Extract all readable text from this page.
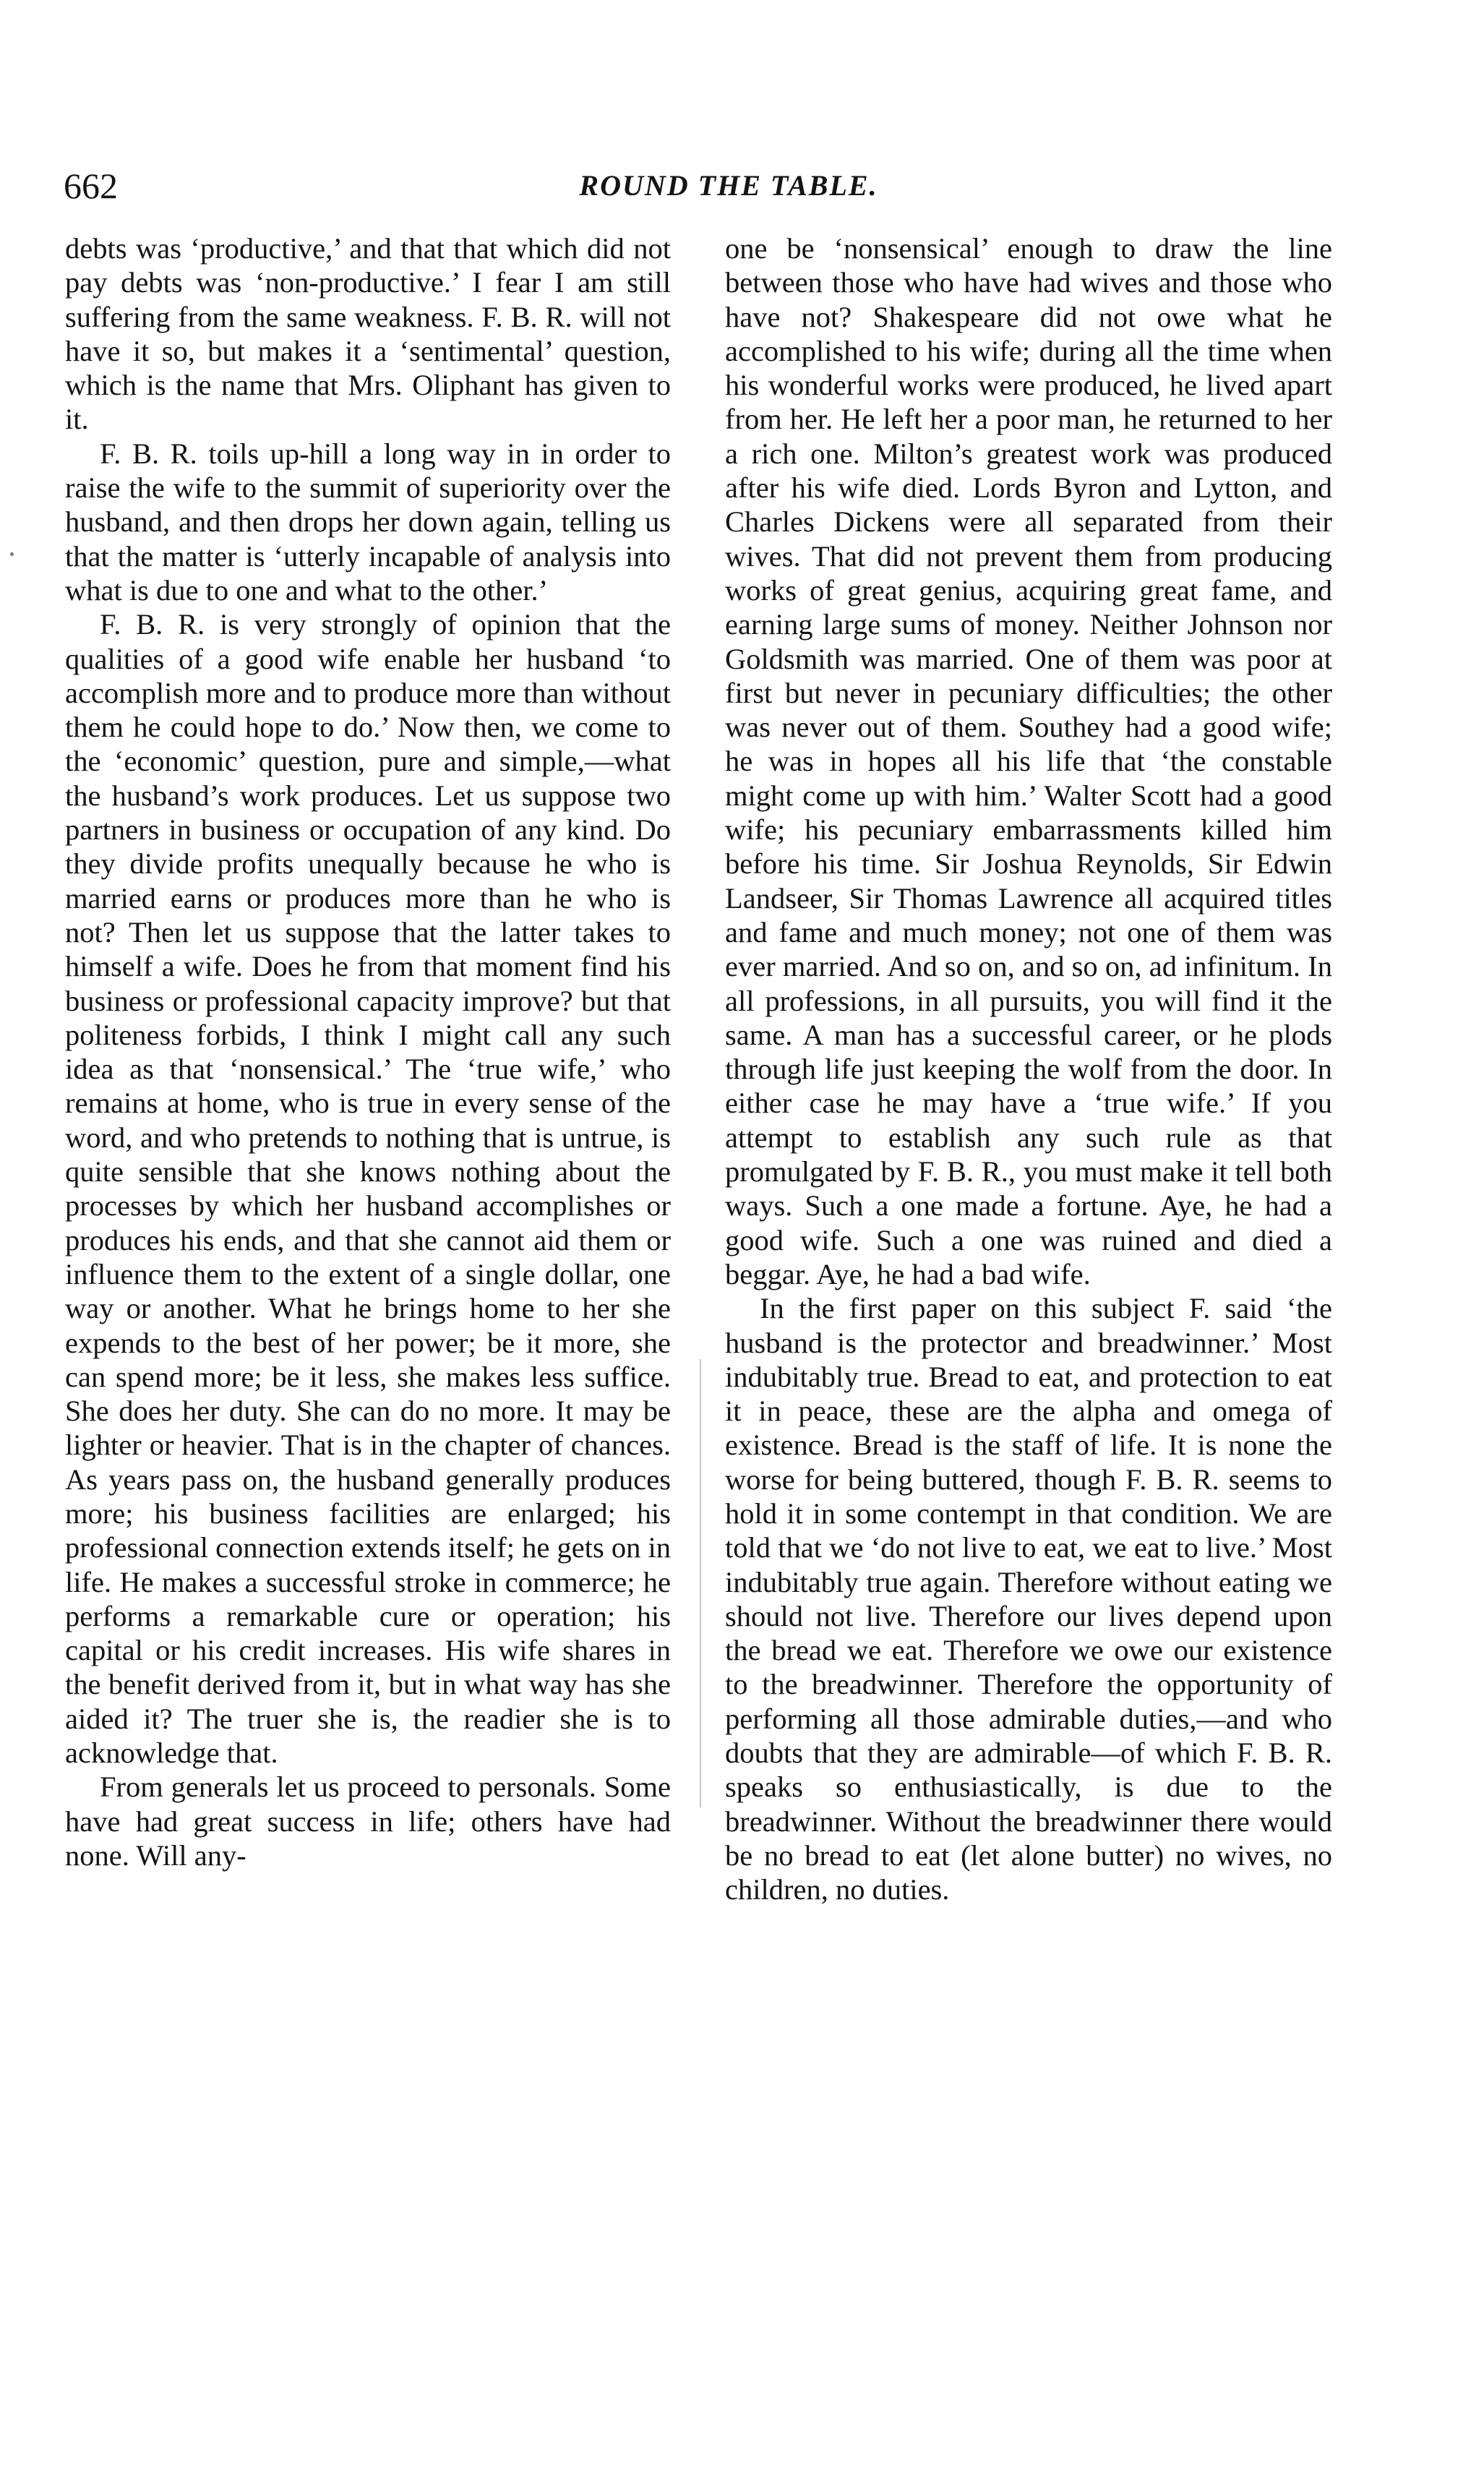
662	ROUND THE TABLE.

debts was ‘productive,’ and that that which did not pay debts was ‘non-productive.’ I fear I am still suffering from the same weakness. F. B. R. will not have it so, but makes it a ‘sentimental’ question, which is the name that Mrs. Oliphant has given to it.

F. B. R. toils up-hill a long way in in order to raise the wife to the summit of superiority over the husband, and then drops her down again, telling us that the matter is ‘utterly incapable of analysis into what is due to one and what to the other.’

F. B. R. is very strongly of opinion that the qualities of a good wife enable her husband ‘to accomplish more and to produce more than without them he could hope to do.’ Now then, we come to the ‘economic’ question, pure and simple,—what the husband’s work produces. Let us suppose two partners in business or occupation of any kind. Do they divide profits unequally because he who is married earns or produces more than he who is not? Then let us suppose that the latter takes to himself a wife. Does he from that moment find his business or professional capacity improve? but that politeness forbids, I think I might call any such idea as that ‘nonsensical.’ The ‘true wife,’ who remains at home, who is true in every sense of the word, and who pretends to nothing that is untrue, is quite sensible that she knows nothing about the processes by which her husband accomplishes or produces his ends, and that she cannot aid them or influence them to the extent of a single dollar, one way or another. What he brings home to her she expends to the best of her power; be it more, she can spend more; be it less, she makes less suffice. She does her duty. She can do no more. It may be lighter or heavier. That is in the chapter of chances. As years pass on, the husband generally produces more; his business facilities are enlarged; his professional connection extends itself; he gets on in life. He makes a successful stroke in commerce; he performs a remarkable cure or operation; his capital or his credit increases. His wife shares in the benefit derived from it, but in what way has she aided it? The truer she is, the readier she is to acknowledge that.

From generals let us proceed to personals. Some have had great success in life; others have had none. Will any-

one be ‘nonsensical’ enough to draw the line between those who have had wives and those who have not? Shakespeare did not owe what he accomplished to his wife; during all the time when his wonderful works were produced, he lived apart from her. He left her a poor man, he returned to her a rich one. Milton’s greatest work was produced after his wife died. Lords Byron and Lytton, and Charles Dickens were all separated from their wives. That did not prevent them from producing works of great genius, acquiring great fame, and earning large sums of money. Neither Johnson nor Goldsmith was married. One of them was poor at first but never in pecuniary difficulties; the other was never out of them. Southey had a good wife; he was in hopes all his life that ‘the constable might come up with him.’ Walter Scott had a good wife; his pecuniary embarrassments killed him before his time. Sir Joshua Reynolds, Sir Edwin Landseer, Sir Thomas Lawrence all acquired titles and fame and much money; not one of them was ever married. And so on, and so on, ad infinitum. In all professions, in all pursuits, you will find it the same. A man has a successful career, or he plods through life just keeping the wolf from the door. In either case he may have a ‘true wife.’ If you attempt to establish any such rule as that promulgated by F. B. R., you must make it tell both ways. Such a one made a fortune. Aye, he had a good wife. Such a one was ruined and died a beggar. Aye, he had a bad wife.

In the first paper on this subject F. said ‘the husband is the protector and breadwinner.’ Most indubitably true. Bread to eat, and protection to eat it in peace, these are the alpha and omega of existence. Bread is the staff of life. It is none the worse for being buttered, though F. B. R. seems to hold it in some contempt in that condition. We are told that we ‘do not live to eat, we eat to live.’ Most indubitably true again. Therefore without eating we should not live. Therefore our lives depend upon the bread we eat. Therefore we owe our existence to the breadwinner. Therefore the opportunity of performing all those admirable duties,—and who doubts that they are admirable—of which F. B. R. speaks so enthusiastically, is due to the breadwinner. Without the breadwinner there would be no bread to eat (let alone butter) no wives, no children, no duties.
